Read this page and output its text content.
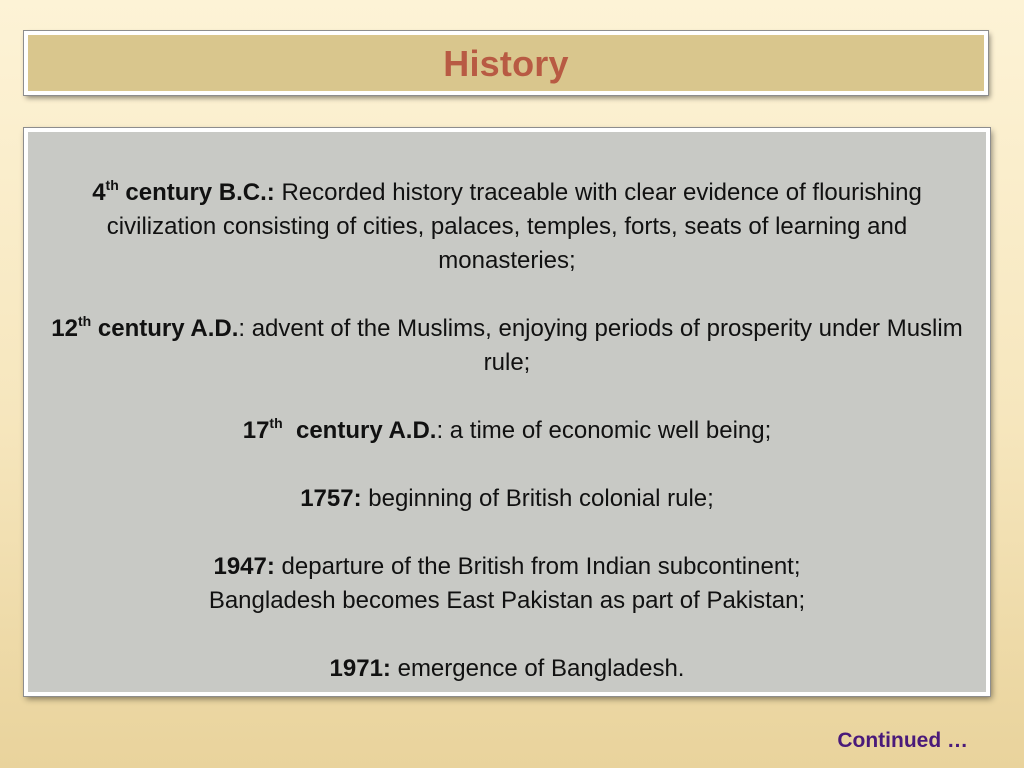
History

4th century B.C.: Recorded history traceable with clear evidence of flourishing civilization consisting of cities, palaces, temples, forts, seats of learning and monasteries;

12th century A.D.: advent of the Muslims, enjoying periods of prosperity under Muslim rule;

17th  century A.D.: a time of economic well being;

1757: beginning of British colonial rule;

1947: departure of the British from Indian subcontinent;
Bangladesh becomes East Pakistan as part of Pakistan;

1971: emergence of Bangladesh.

Continued …
